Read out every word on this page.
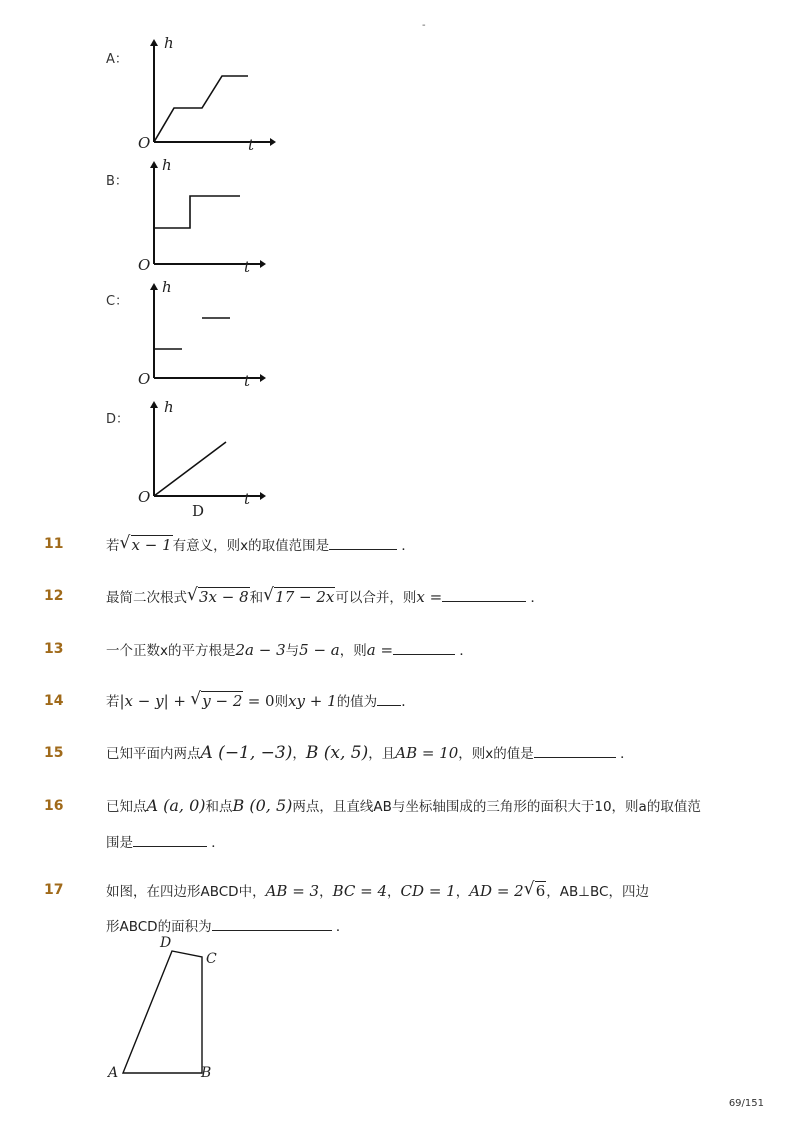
-
A：
h
t
O
B：
h
t
O
C：
h
t
O
D：
h
t
O
D
11	若 √ x − 1有意义，则x的取值范围是	．
12	最简二次根式 √ 3x − 8和 √ 17 − 2x可以合并，则x =	．
13	一个正数x的平方根是2a − 3与5 − a，则a =	．
14	若|x − y| + √ y − 2 = 0则xy + 1的值为 .
15	已知平面内两点A (−1, −3)，B (x, 5)，且AB = 10，则x的值是	．
16	已知点A (a, 0)和点B (0, 5)两点，且直线AB与坐标轴围成的三角形的面积大于10，则a的取值范
围是	．
17	如图，在四边形ABCD中，AB = 3，BC = 4，CD = 1，AD = 2 √ 6，AB⊥BC，四边
形ABCD的面积为	．
A	B
C
D
69/151
